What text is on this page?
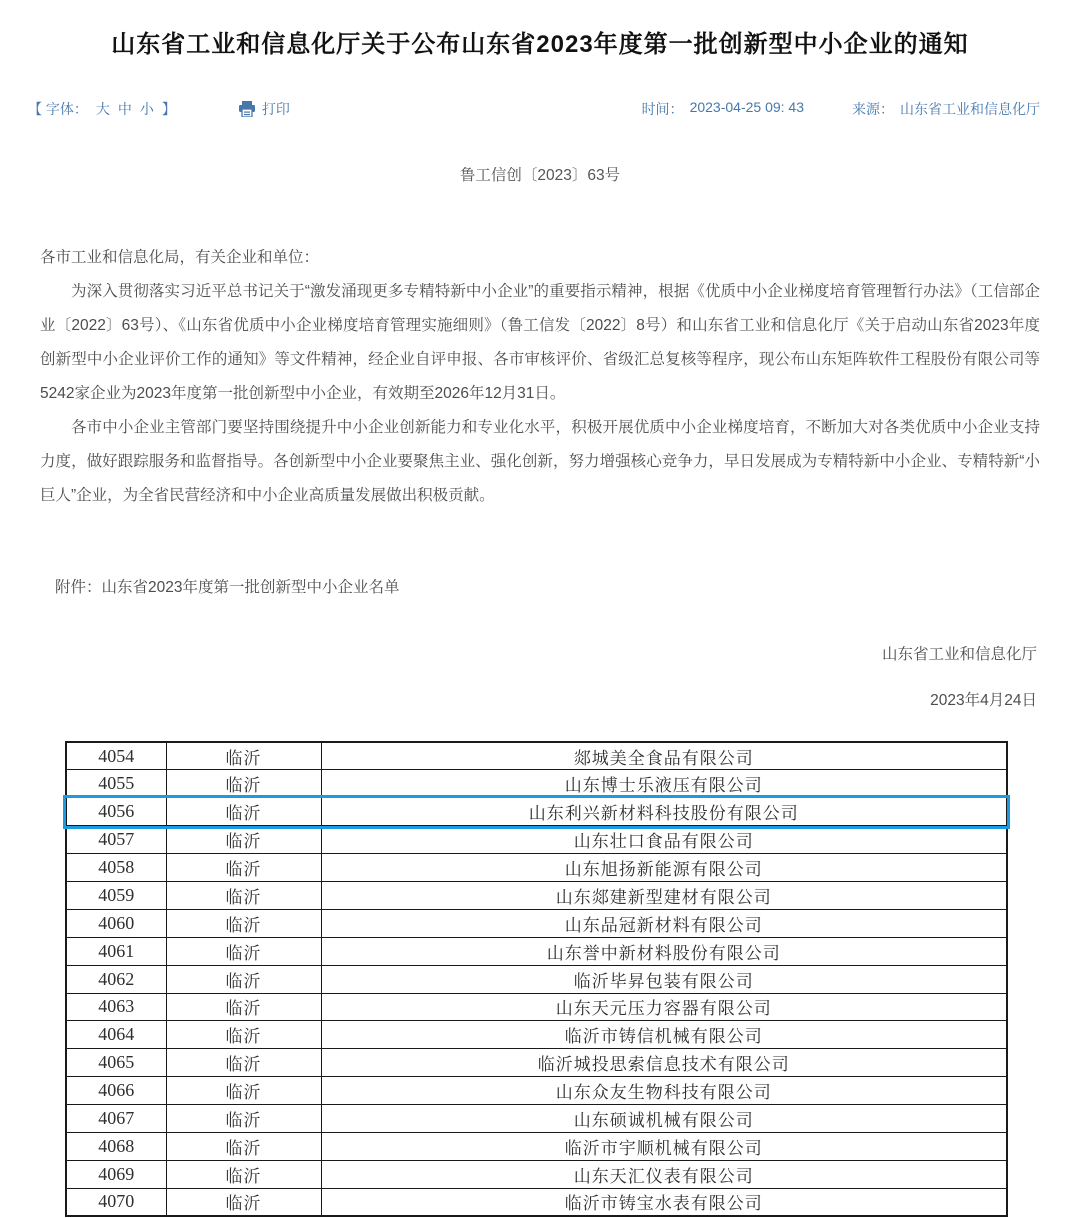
山东省工业和信息化厅关于公布山东省2023年度第一批创新型中小企业的通知
【 字体： 大 中 小 】	打印	时间： 2023-04-25 09: 43	来源： 山东省工业和信息化厅
鲁工信创〔2023〕63号

各市工业和信息化局，有关企业和单位：

为深入贯彻落实习近平总书记关于“激发涌现更多专精特新中小企业”的重要指示精神，根据《优质中小企业梯度培育管理暂行办法》（工信部企业〔2022〕63号）、《山东省优质中小企业梯度培育管理实施细则》（鲁工信发〔2022〕8号）和山东省工业和信息化厅《关于启动山东省2023年度创新型中小企业评价工作的通知》等文件精神，经企业自评申报、各市审核评价、省级汇总复核等程序，现公布山东矩阵软件工程股份有限公司等5242家企业为2023年度第一批创新型中小企业，有效期至2026年12月31日。

各市中小企业主管部门要坚持围绕提升中小企业创新能力和专业化水平，积极开展优质中小企业梯度培育，不断加大对各类优质中小企业支持力度，做好跟踪服务和监督指导。各创新型中小企业要聚焦主业、强化创新，努力增强核心竞争力，早日发展成为专精特新中小企业、专精特新“小巨人”企业，为全省民营经济和中小企业高质量发展做出积极贡献。

附件：山东省2023年度第一批创新型中小企业名单
山东省工业和信息化厅
2023年4月24日
4054	临沂	郯城美全食品有限公司
4055	临沂	山东博士乐液压有限公司
4056	临沂	山东利兴新材料科技股份有限公司
4057	临沂	山东壮口食品有限公司
4058	临沂	山东旭扬新能源有限公司
4059	临沂	山东郯建新型建材有限公司
4060	临沂	山东品冠新材料有限公司
4061	临沂	山东誉中新材料股份有限公司
4062	临沂	临沂毕昇包装有限公司
4063	临沂	山东天元压力容器有限公司
4064	临沂	临沂市铸信机械有限公司
4065	临沂	临沂城投思索信息技术有限公司
4066	临沂	山东众友生物科技有限公司
4067	临沂	山东硕诚机械有限公司
4068	临沂	临沂市宇顺机械有限公司
4069	临沂	山东天汇仪表有限公司
4070	临沂	临沂市铸宝水表有限公司
